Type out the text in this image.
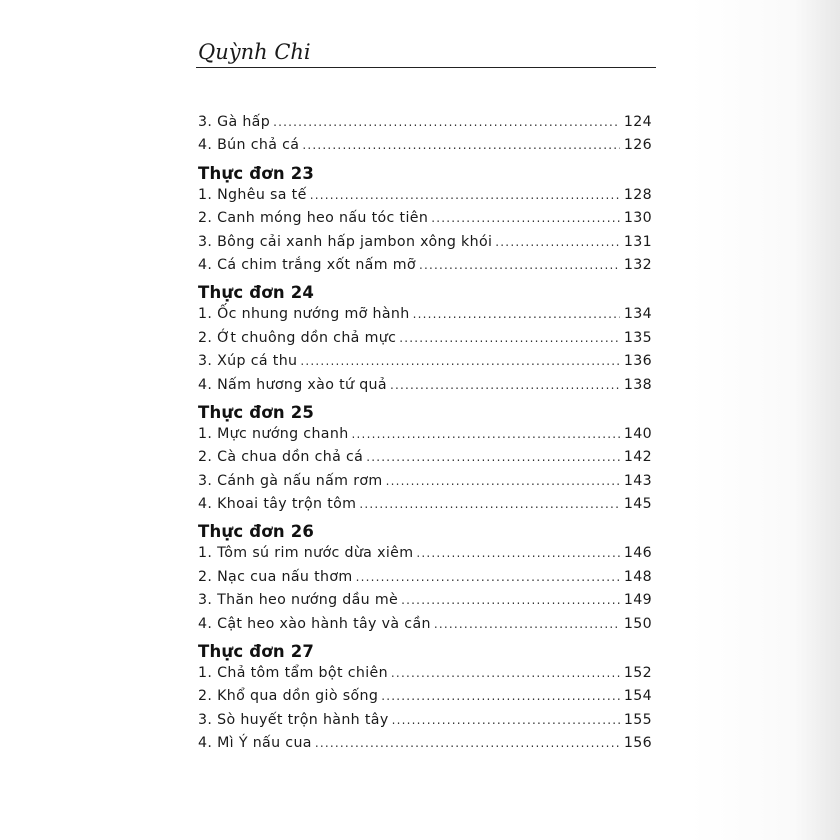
Quỳnh Chi
3. Gà hấp .....	124
4. Bún chả cá .....	126
Thực đơn 23
1. Nghêu sa tế .....	128
2. Canh móng heo nấu tóc tiên .....	130
3. Bông cải xanh hấp jambon xông khói .....	131
4. Cá chim trắng xốt nấm mỡ .....	132
Thực đơn 24
1. Ốc nhung nướng mỡ hành .....	134
2. Ớt chuông dồn chả mực .....	135
3. Xúp cá thu .....	136
4. Nấm hương xào tứ quả .....	138
Thực đơn 25
1. Mực nướng chanh .....	140
2. Cà chua dồn chả cá .....	142
3. Cánh gà nấu nấm rơm .....	143
4. Khoai tây trộn tôm .....	145
Thực đơn 26
1. Tôm sú rim nước dừa xiêm .....	146
2. Nạc cua nấu thơm .....	148
3. Thăn heo nướng dầu mè .....	149
4. Cật heo xào hành tây và cần .....	150
Thực đơn 27
1. Chả tôm tẩm bột chiên .....	152
2. Khổ qua dồn giò sống .....	154
3. Sò huyết trộn hành tây .....	155
4. Mì Ý nấu cua .....	156
